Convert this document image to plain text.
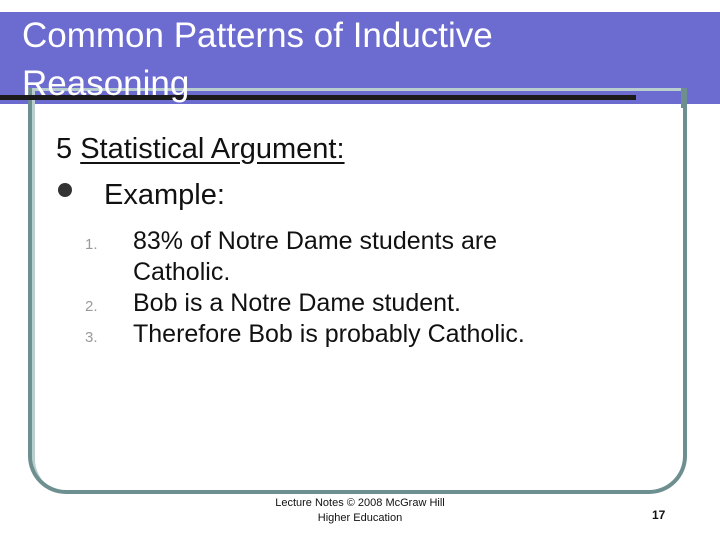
Common Patterns of Inductive
Reasoning

5 Statistical Argument:

Example:
1. 83% of Notre Dame students are
Catholic.
2. Bob is a Notre Dame student.
3. Therefore Bob is probably Catholic.
Lecture Notes © 2008 McGraw Hill
Higher Education	17
